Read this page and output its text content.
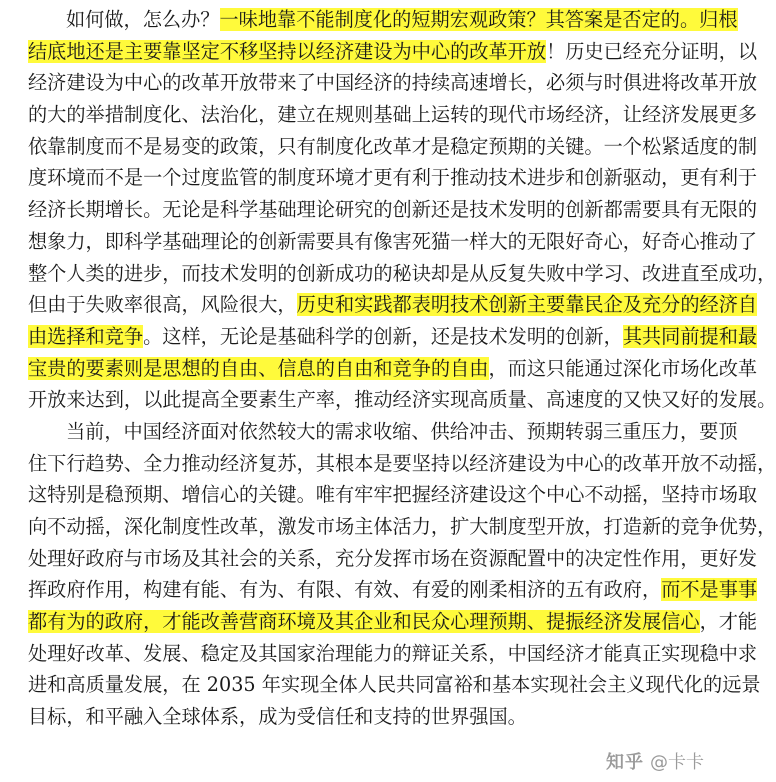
如何做，怎么办？一味地靠不能制度化的短期宏观政策？其答案是否定的。归根
结底地还是主要靠坚定不移坚持以经济建设为中心的改革开放！历史已经充分证明，以
经济建设为中心的改革开放带来了中国经济的持续高速增长，必须与时俱进将改革开放
的大的举措制度化、法治化，建立在规则基础上运转的现代市场经济，让经济发展更多
依靠制度而不是易变的政策，只有制度化改革才是稳定预期的关键。一个松紧适度的制
度环境而不是一个过度监管的制度环境才更有利于推动技术进步和创新驱动，更有利于
经济长期增长。无论是科学基础理论研究的创新还是技术发明的创新都需要具有无限的
想象力，即科学基础理论的创新需要具有像害死猫一样大的无限好奇心，好奇心推动了
整个人类的进步，而技术发明的创新成功的秘诀却是从反复失败中学习、改进直至成功，
但由于失败率很高，风险很大，历史和实践都表明技术创新主要靠民企及充分的经济自
由选择和竞争。这样，无论是基础科学的创新，还是技术发明的创新，其共同前提和最
宝贵的要素则是思想的自由、信息的自由和竞争的自由，而这只能通过深化市场化改革
开放来达到，以此提高全要素生产率，推动经济实现高质量、高速度的又快又好的发展。
当前，中国经济面对依然较大的需求收缩、供给冲击、预期转弱三重压力，要顶
住下行趋势、全力推动经济复苏，其根本是要坚持以经济建设为中心的改革开放不动摇，
这特别是稳预期、增信心的关键。唯有牢牢把握经济建设这个中心不动摇，坚持市场取
向不动摇，深化制度性改革，激发市场主体活力，扩大制度型开放，打造新的竞争优势，
处理好政府与市场及其社会的关系，充分发挥市场在资源配置中的决定性作用，更好发
挥政府作用，构建有能、有为、有限、有效、有爱的刚柔相济的五有政府，而不是事事
都有为的政府，才能改善营商环境及其企业和民众心理预期、提振经济发展信心，才能
处理好改革、发展、稳定及其国家治理能力的辩证关系，中国经济才能真正实现稳中求
进和高质量发展，在 2035 年实现全体人民共同富裕和基本实现社会主义现代化的远景
目标，和平融入全球体系，成为受信任和支持的世界强国。
知乎 @卡卡
